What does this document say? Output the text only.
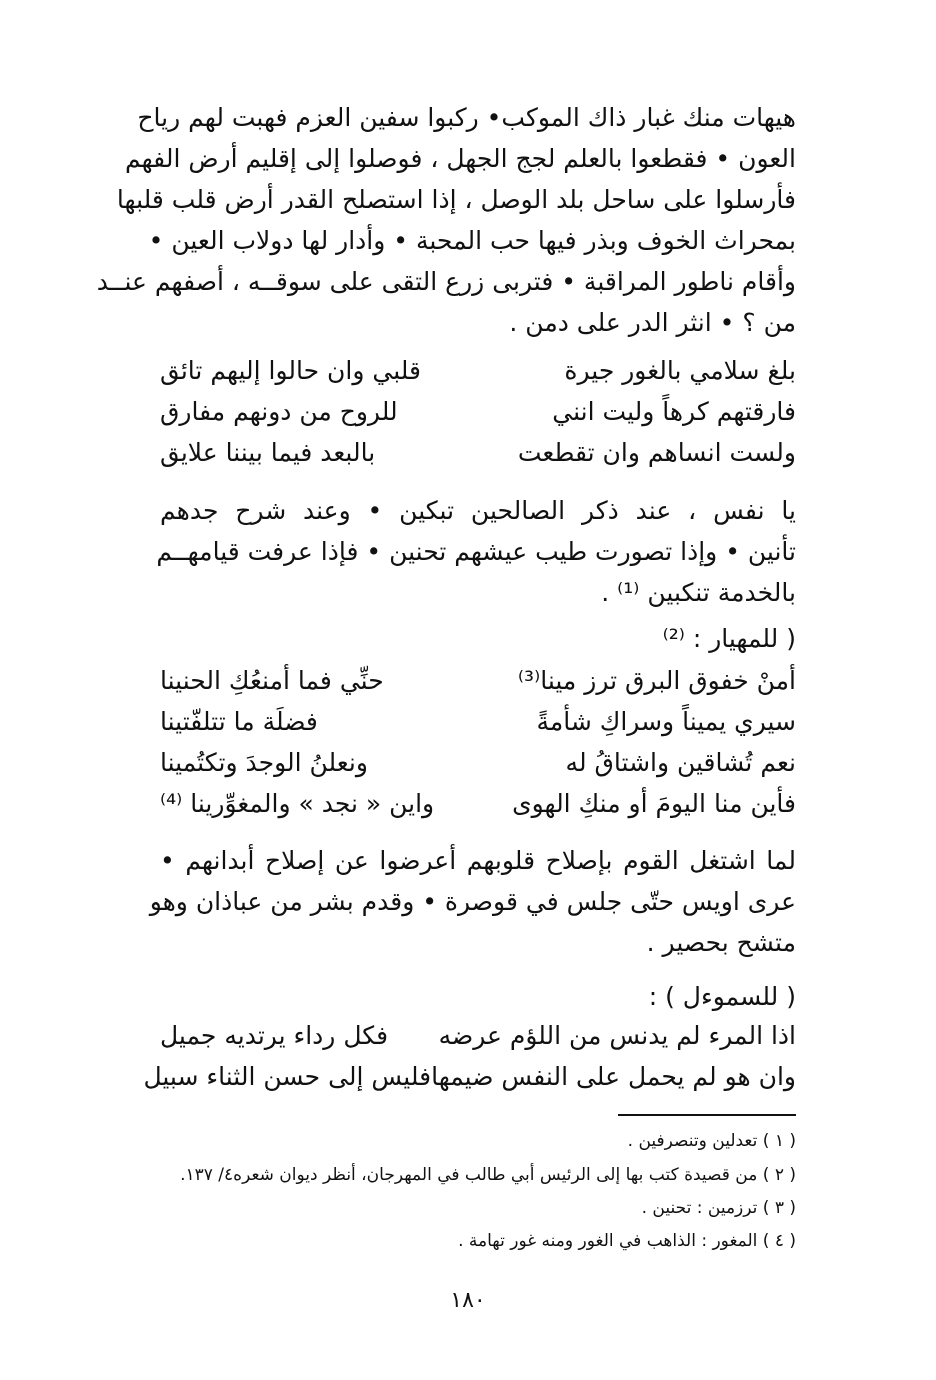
هيهات منك غبار ذاك الموكب• ركبوا سفين العزم فهبت لهم رياح
العون • فقطعوا بالعلم لجج الجهل ، فوصلوا إلى إقليم أرض الفهم
فأرسلوا على ساحل بلد الوصل ، إذا استصلح القدر أرض قلب قلبها
بمحراث الخوف وبذر فيها حب المحبة • وأدار لها دولاب العين •
وأقام ناطور المراقبة • فتربى زرع التقى على سوقــه ، أصفهم عنــد
من ؟ • انثر الدر على دمن .
بلغ سلامي بالغور جيرة
قلبي وان حالوا إليهم تائق
فارقتهم كرهاً وليت انني
للروح من دونهم مفارق
ولست انساهم وان تقطعت
بالبعد فيما بيننا علايق
يا نفس ، عند ذكر الصالحين تبكين • وعند شرح جدهم
تأنين • وإذا تصورت طيب عيشهم تحنين • فإذا عرفت قيامهــم
بالخدمة تنكبين ⁽¹⁾ .
( للمهيار : ⁽²⁾
أمنْ خفوق البرق ترز مينا⁽³⁾
حنِّي فما أمنعُكِ الحنينا
سيري يميناً وسراكِ شأمةً
فضلَة ما تتلفّتينا
نعم تُشاقين واشتاقُ له
ونعلنُ الوجدَ وتكتُمينا
فأين منا اليومَ أو منكِ الهوى
واين « نجد » والمغوِّرينا ⁽⁴⁾
لما اشتغل القوم بإصلاح قلوبهم أعرضوا عن إصلاح أبدانهم •
عرى اويس حتّى جلس في قوصرة • وقدم بشر من عباذان وهو
متشح بحصير .
( للسموءل ) :
اذا المرء لم يدنس من اللؤم عرضه
فكل رداء يرتديه جميل
وان هو لم يحمل على النفس ضيمها
فليس إلى حسن الثناء سبيل
( ١ ) تعدلين وتنصرفين .
( ٢ ) من قصيدة كتب بها إلى الرئيس أبي طالب في المهرجان، أنظر ديوان شعره٤/ ١٣٧.
( ٣ ) ترزمين : تحنين .
( ٤ ) المغور : الذاهب في الغور ومنه غور تهامة .
١٨٠
